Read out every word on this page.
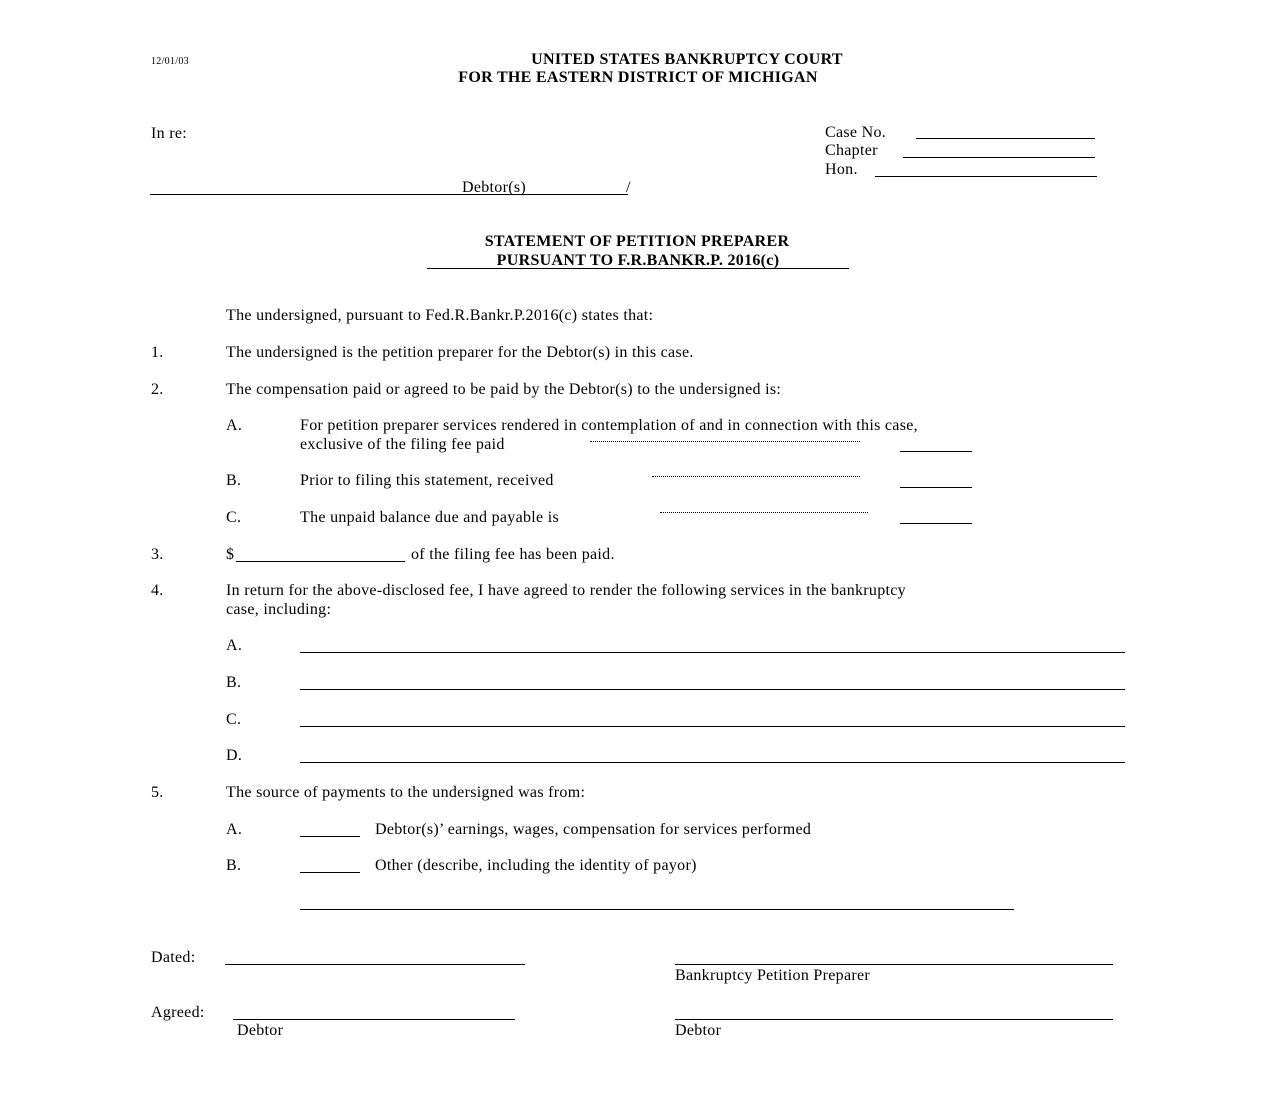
12/01/03	UNITED STATES BANKRUPTCY COURT
FOR THE EASTERN DISTRICT OF MICHIGAN
In re:	Case No.
Chapter
Hon.
Debtor(s)	/
STATEMENT OF PETITION PREPARER
PURSUANT TO F.R.BANKR.P. 2016(c)
The undersigned, pursuant to Fed.R.Bankr.P.2016(c) states that:
1.	The undersigned is the petition preparer for the Debtor(s) in this case.
2.	The compensation paid or agreed to be paid by the Debtor(s) to the undersigned is:
A.	For petition preparer services rendered in contemplation of and in connection with this case,
exclusive of the filing fee paid
B.	Prior to filing this statement, received
C.	The unpaid balance due and payable is
3.	$	of the filing fee has been paid.
4.	In return for the above-disclosed fee, I have agreed to render the following services in the bankruptcy
case, including:
A.
B.
C.
D.
5.	The source of payments to the undersigned was from:
A.	Debtor(s)’ earnings, wages, compensation for services performed
B.	Other (describe, including the identity of payor)
Dated:
Bankruptcy Petition Preparer
Agreed:
Debtor	Debtor
